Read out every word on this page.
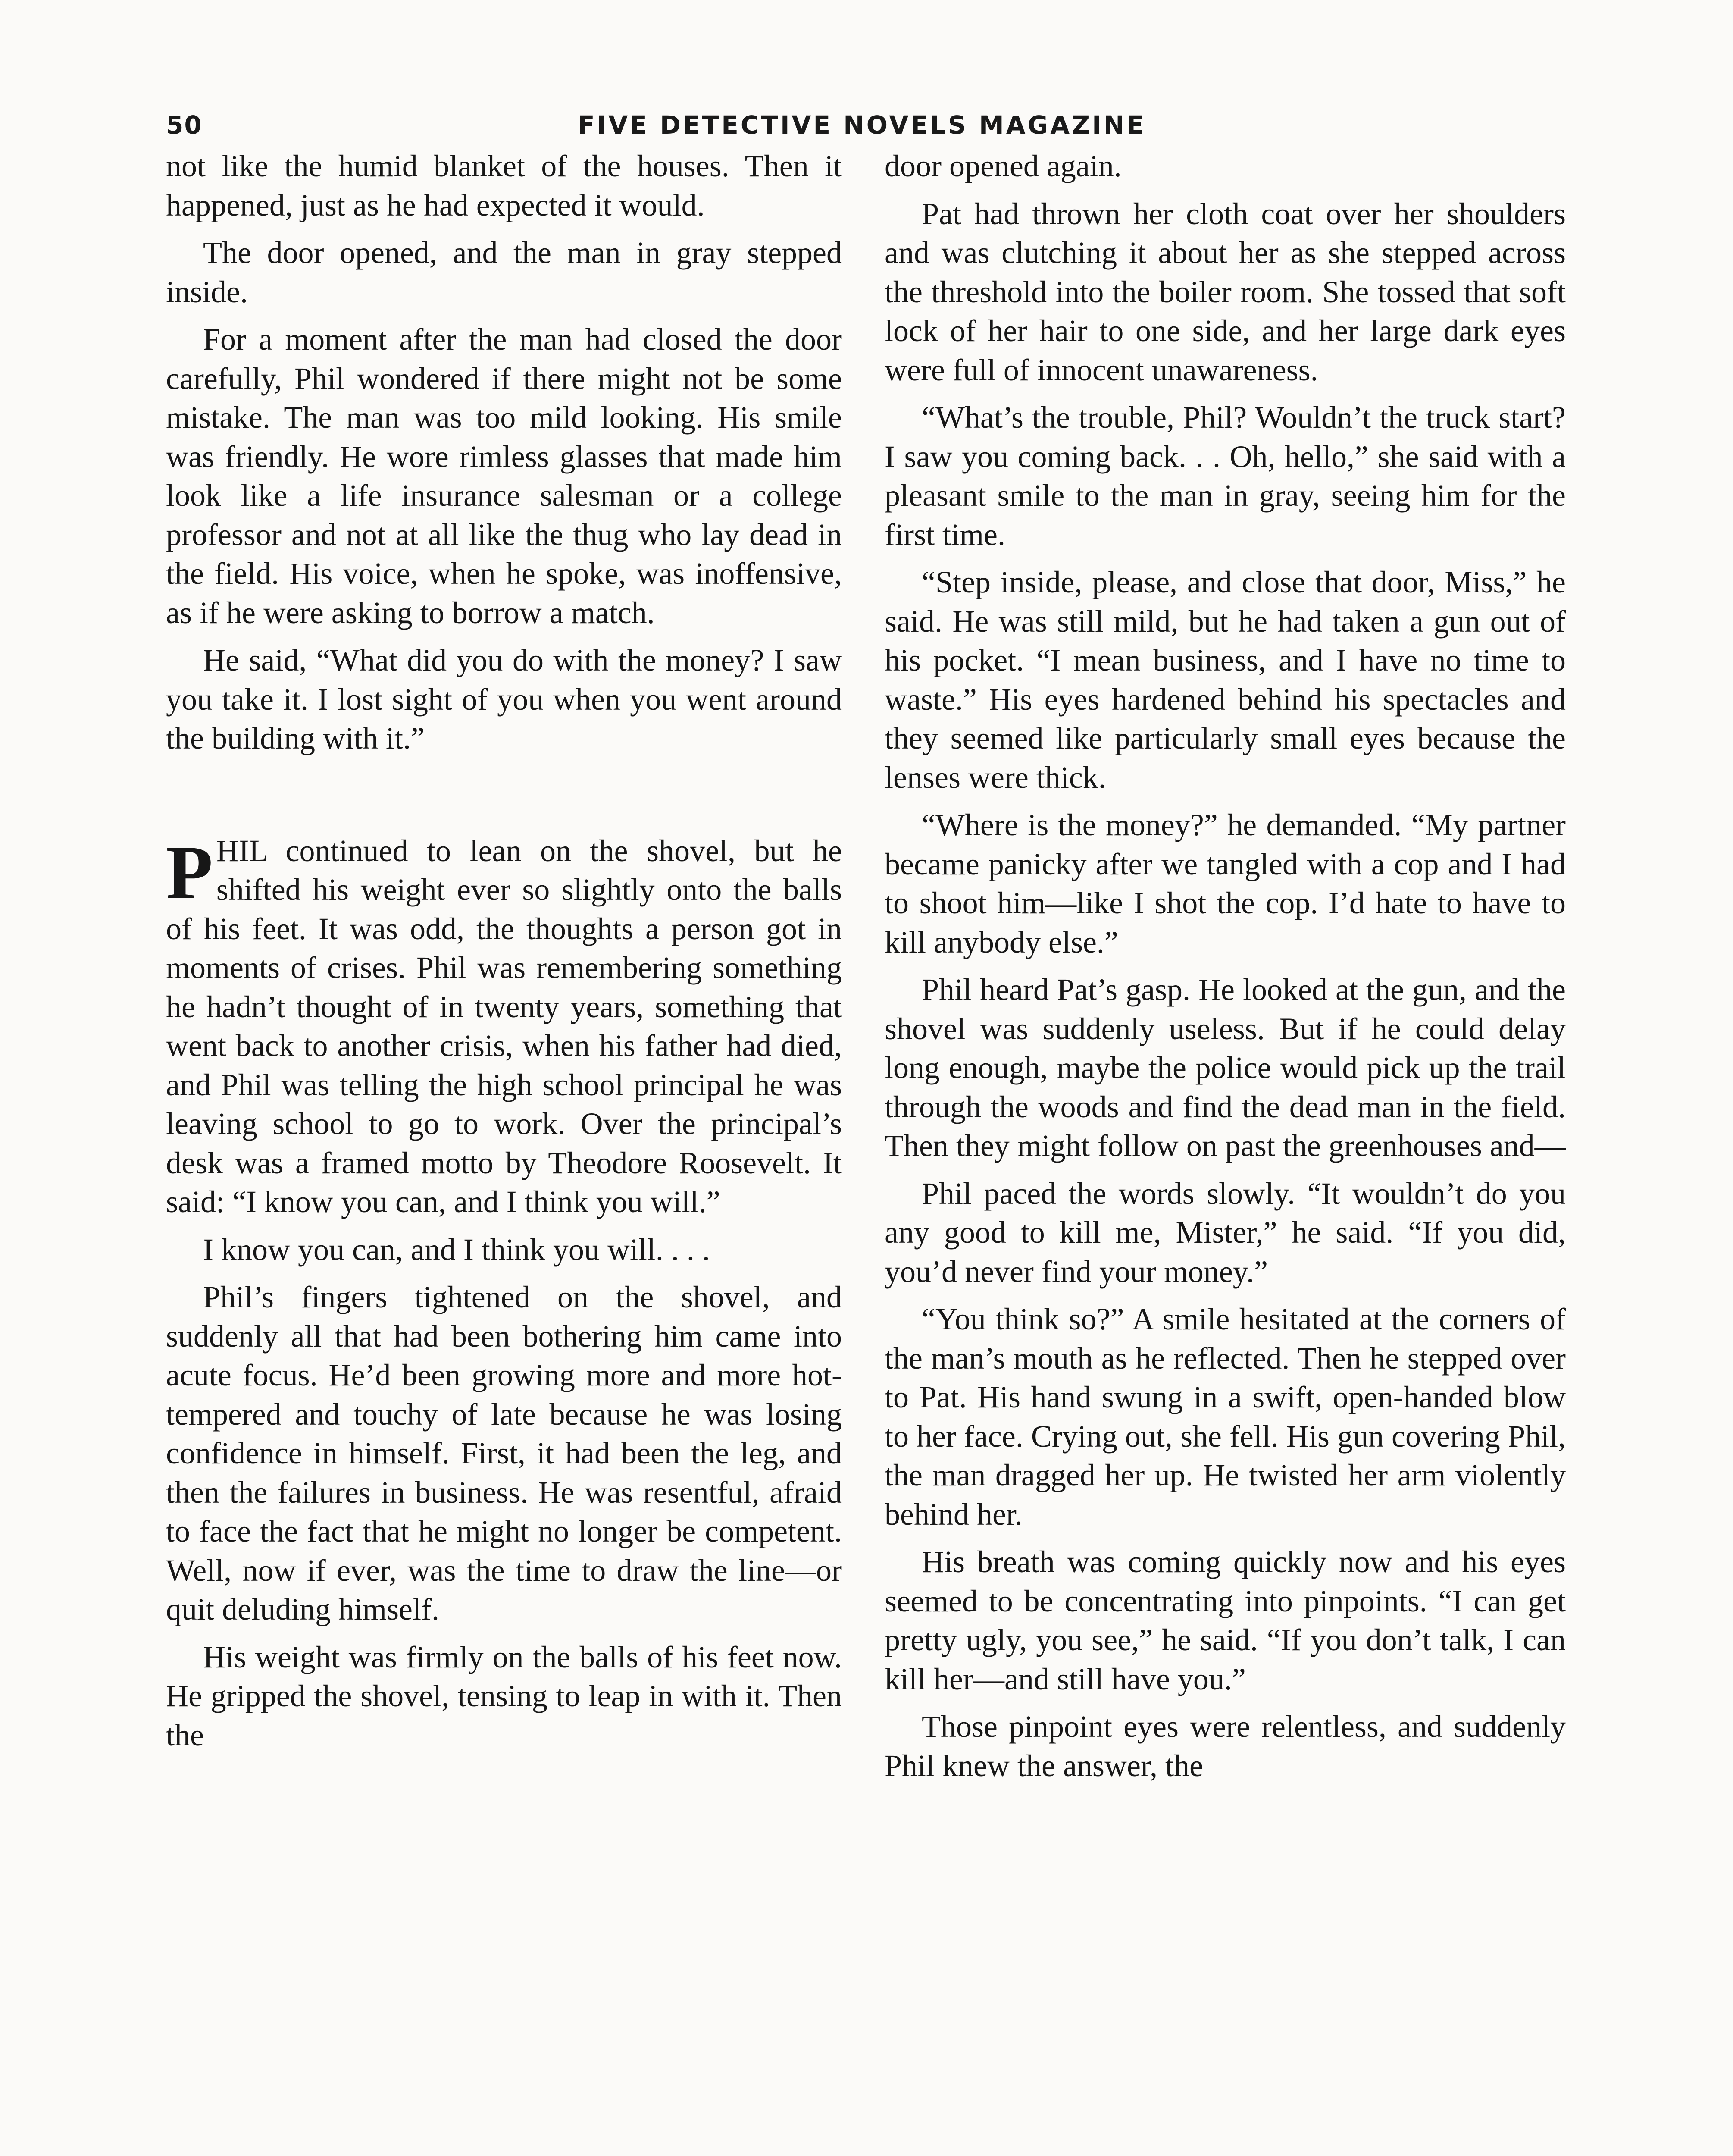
50	FIVE DETECTIVE NOVELS MAGAZINE

not like the humid blanket of the houses. Then it happened, just as he had expected it would.

The door opened, and the man in gray stepped inside.

For a moment after the man had closed the door carefully, Phil wondered if there might not be some mistake. The man was too mild looking. His smile was friendly. He wore rimless glasses that made him look like a life insurance salesman or a college professor and not at all like the thug who lay dead in the field. His voice, when he spoke, was inoffensive, as if he were asking to borrow a match.

He said, “What did you do with the money? I saw you take it. I lost sight of you when you went around the building with it.”

PHIL continued to lean on the shovel, but he shifted his weight ever so slightly onto the balls of his feet. It was odd, the thoughts a person got in moments of crises. Phil was remembering something he hadn’t thought of in twenty years, something that went back to another crisis, when his father had died, and Phil was telling the high school principal he was leaving school to go to work. Over the principal’s desk was a framed motto by Theodore Roosevelt. It said: “I know you can, and I think you will.”

I know you can, and I think you will. . . .

Phil’s fingers tightened on the shovel, and suddenly all that had been bothering him came into acute focus. He’d been growing more and more hot-tempered and touchy of late because he was losing confidence in himself. First, it had been the leg, and then the failures in business. He was resentful, afraid to face the fact that he might no longer be competent. Well, now if ever, was the time to draw the line—or quit deluding himself.

His weight was firmly on the balls of his feet now. He gripped the shovel, tensing to leap in with it. Then the

door opened again.

Pat had thrown her cloth coat over her shoulders and was clutching it about her as she stepped across the threshold into the boiler room. She tossed that soft lock of her hair to one side, and her large dark eyes were full of innocent unawareness.

“What’s the trouble, Phil? Wouldn’t the truck start? I saw you coming back. . . Oh, hello,” she said with a pleasant smile to the man in gray, seeing him for the first time.

“Step inside, please, and close that door, Miss,” he said. He was still mild, but he had taken a gun out of his pocket. “I mean business, and I have no time to waste.” His eyes hardened behind his spectacles and they seemed like particularly small eyes because the lenses were thick.

“Where is the money?” he demanded. “My partner became panicky after we tangled with a cop and I had to shoot him—like I shot the cop. I’d hate to have to kill anybody else.”

Phil heard Pat’s gasp. He looked at the gun, and the shovel was suddenly useless. But if he could delay long enough, maybe the police would pick up the trail through the woods and find the dead man in the field. Then they might follow on past the greenhouses and—

Phil paced the words slowly. “It wouldn’t do you any good to kill me, Mister,” he said. “If you did, you’d never find your money.”

“You think so?” A smile hesitated at the corners of the man’s mouth as he reflected. Then he stepped over to Pat. His hand swung in a swift, open-handed blow to her face. Crying out, she fell. His gun covering Phil, the man dragged her up. He twisted her arm violently behind her.

His breath was coming quickly now and his eyes seemed to be concentrating into pinpoints. “I can get pretty ugly, you see,” he said. “If you don’t talk, I can kill her—and still have you.”

Those pinpoint eyes were relentless, and suddenly Phil knew the answer, the
